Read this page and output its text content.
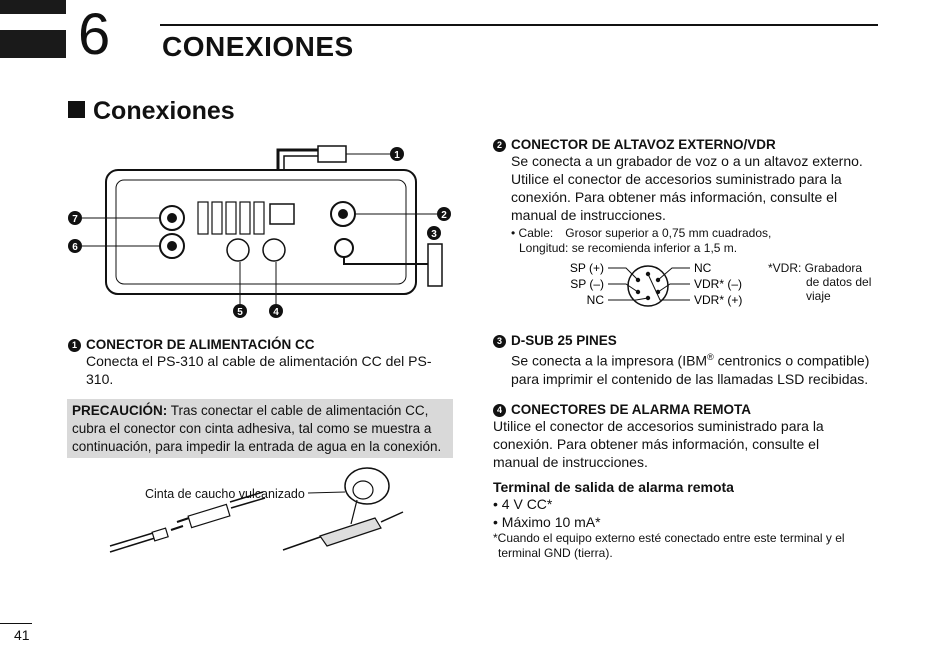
6 CONEXIONES
Conexiones
1
2
3
4
5
6
7
1 CONECTOR DE ALIMENTACIÓN CC
Conecta el PS-310 al cable de alimentación CC del PS-
310.
PRECAUCIÓN: Tras conectar el cable de alimentación CC,
cubra el conector con cinta adhesiva, tal como se muestra a
continuación, para impedir la entrada de agua en la conexión.
Cinta de caucho vulcanizado
2 CONECTOR DE ALTAVOZ EXTERNO/VDR
Se conecta a un grabador de voz o a un altavoz externo.
Utilice el conector de accesorios suministrado para la
conexión. Para obtener más información, consulte el
manual de instrucciones.
• Cable: Grosor superior a 0,75 mm cuadrados,
Longitud: se recomienda inferior a 1,5 m.
SP (+)
SP (–)
NC
NC
VDR* (–)
VDR* (+)
*VDR: Grabadora
de datos del
viaje
3 D-SUB 25 PINES
Se conecta a la impresora (IBM® centronics o compatible)
para imprimir el contenido de las llamadas LSD recibidas.
4 CONECTORES DE ALARMA REMOTA
Utilice el conector de accesorios suministrado para la
conexión. Para obtener más información, consulte el
manual de instrucciones.
Terminal de salida de alarma remota
• 4 V CC*
• Máximo 10 mA*
*Cuando el equipo externo esté conectado entre este terminal y el
terminal GND (tierra).
41
